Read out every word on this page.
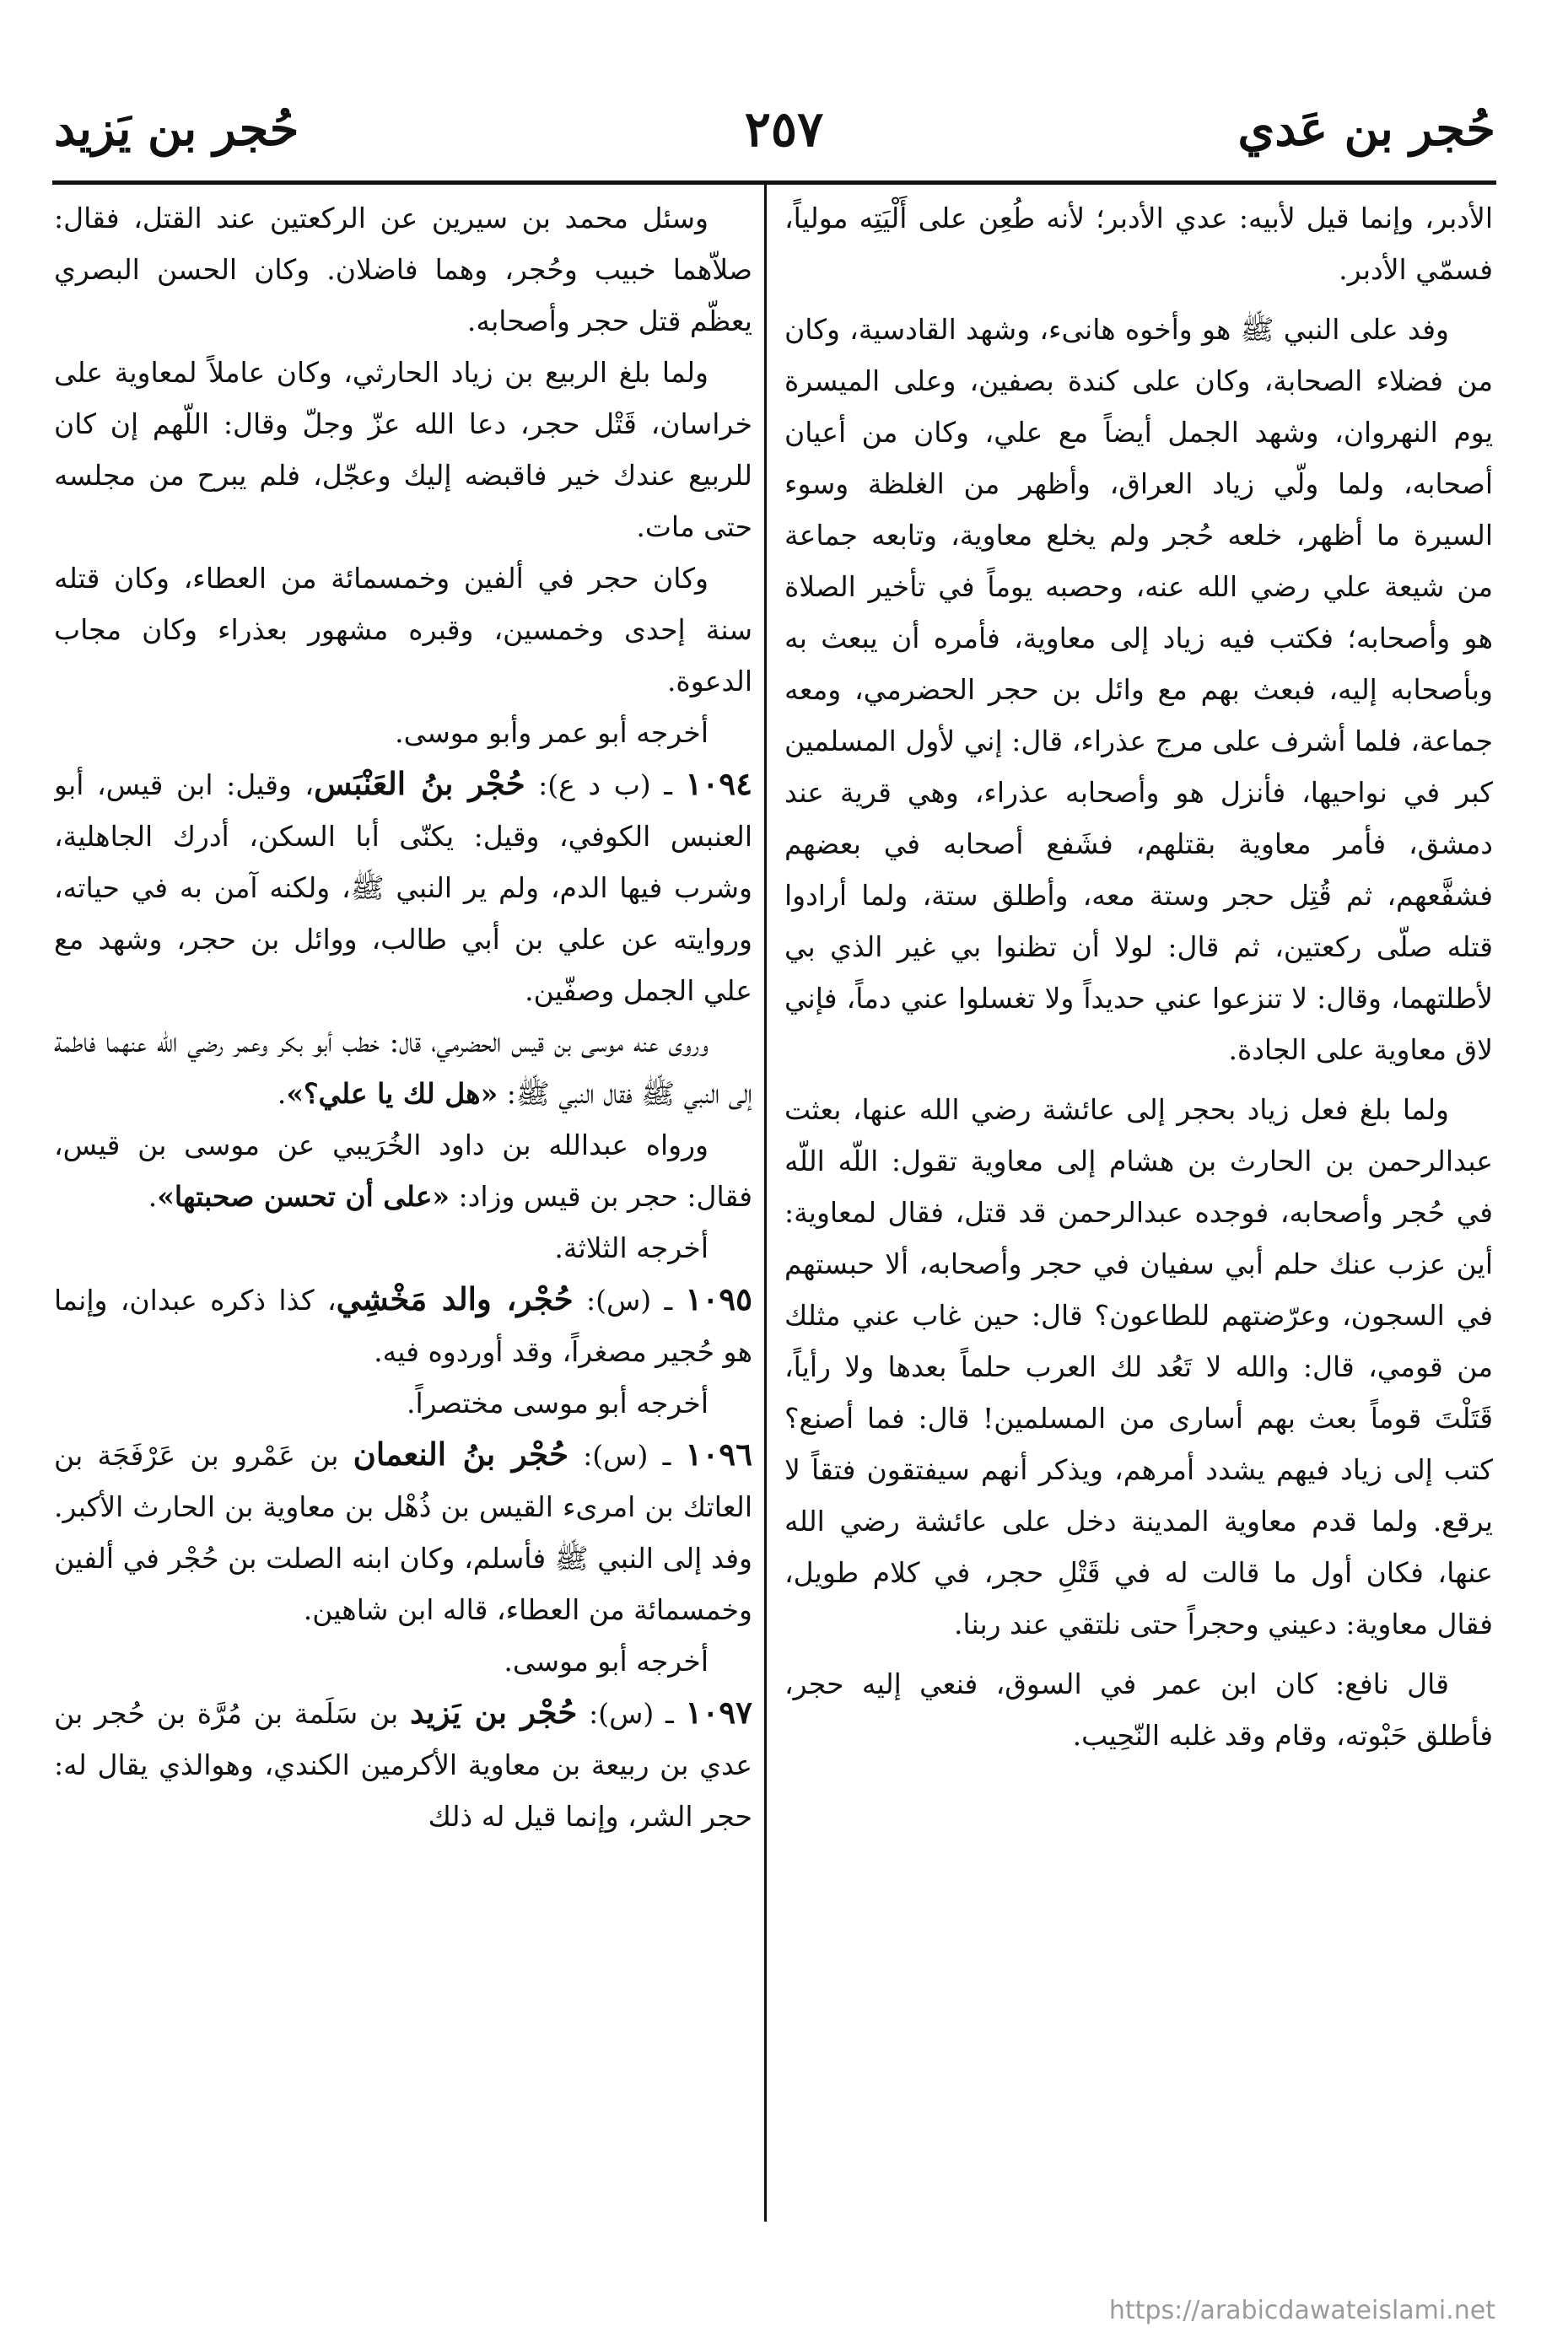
حُجر بن عَدي
٢٥٧
حُجر بن يَزيد

الأدبر، وإنما قيل لأبيه: عدي الأدبر؛ لأنه طُعِن على أَلْيَتِه مولياً، فسمّي الأدبر.

وفد على النبي ﷺ هو وأخوه هانىء، وشهد القادسية، وكان من فضلاء الصحابة، وكان على كندة بصفين، وعلى الميسرة يوم النهروان، وشهد الجمل أيضاً مع علي، وكان من أعيان أصحابه، ولما ولّي زياد العراق، وأظهر من الغلظة وسوء السيرة ما أظهر، خلعه حُجر ولم يخلع معاوية، وتابعه جماعة من شيعة علي رضي الله عنه، وحصبه يوماً في تأخير الصلاة هو وأصحابه؛ فكتب فيه زياد إلى معاوية، فأمره أن يبعث به وبأصحابه إليه، فبعث بهم مع وائل بن حجر الحضرمي، ومعه جماعة، فلما أشرف على مرج عذراء، قال: إني لأول المسلمين كبر في نواحيها، فأنزل هو وأصحابه عذراء، وهي قرية عند دمشق، فأمر معاوية بقتلهم، فشَفع أصحابه في بعضهم فشفَّعهم، ثم قُتِل حجر وستة معه، وأطلق ستة، ولما أرادوا قتله صلّى ركعتين، ثم قال: لولا أن تظنوا بي غير الذي بي لأطلتهما، وقال: لا تنزعوا عني حديداً ولا تغسلوا عني دماً، فإني لاق معاوية على الجادة.

ولما بلغ فعل زياد بحجر إلى عائشة رضي الله عنها، بعثت عبدالرحمن بن الحارث بن هشام إلى معاوية تقول: اللّه اللّه في حُجر وأصحابه، فوجده عبدالرحمن قد قتل، فقال لمعاوية: أين عزب عنك حلم أبي سفيان في حجر وأصحابه، ألا حبستهم في السجون، وعرّضتهم للطاعون؟ قال: حين غاب عني مثلك من قومي، قال: والله لا تَعُد لك العرب حلماً بعدها ولا رأياً، قَتَلْتَ قوماً بعث بهم أسارى من المسلمين! قال: فما أصنع؟ كتب إلى زياد فيهم يشدد أمرهم، ويذكر أنهم سيفتقون فتقاً لا يرقع. ولما قدم معاوية المدينة دخل على عائشة رضي الله عنها، فكان أول ما قالت له في قَتْلِ حجر، في كلام طويل، فقال معاوية: دعيني وحجراً حتى نلتقي عند ربنا.

قال نافع: كان ابن عمر في السوق، فنعي إليه حجر، فأطلق حَبْوته، وقام وقد غلبه النّحِيب.

وسئل محمد بن سيرين عن الركعتين عند القتل، فقال: صلاّهما خبيب وحُجر، وهما فاضلان. وكان الحسن البصري يعظّم قتل حجر وأصحابه.

ولما بلغ الربيع بن زياد الحارثي، وكان عاملاً لمعاوية على خراسان، قَتْل حجر، دعا الله عزّ وجلّ وقال: اللّهم إن كان للربيع عندك خير فاقبضه إليك وعجّل، فلم يبرح من مجلسه حتى مات.

وكان حجر في ألفين وخمسمائة من العطاء، وكان قتله سنة إحدى وخمسين، وقبره مشهور بعذراء وكان مجاب الدعوة.

أخرجه أبو عمر وأبو موسى.

١٠٩٤ ـ (ب د ع): حُجْر بنُ العَنْبَس، وقيل: ابن قيس، أبو العنبس الكوفي، وقيل: يكنّى أبا السكن، أدرك الجاهلية، وشرب فيها الدم، ولم ير النبي ﷺ، ولكنه آمن به في حياته، وروايته عن علي بن أبي طالب، ووائل بن حجر، وشهد مع علي الجمل وصفّين.

وروى عنه موسى بن قيس الحضرمي، قال: خطب أبو بكر وعمر رضي الله عنهما فاطمة إلى النبي ﷺ فقال النبي ﷺ: «هل لك يا علي؟».

ورواه عبدالله بن داود الخُرَيبي عن موسى بن قيس، فقال: حجر بن قيس وزاد: «على أن تحسن صحبتها».

أخرجه الثلاثة.

١٠٩٥ ـ (س): حُجْر، والد مَخْشِي، كذا ذكره عبدان، وإنما هو حُجير مصغراً، وقد أوردوه فيه.

أخرجه أبو موسى مختصراً.

١٠٩٦ ـ (س): حُجْر بنُ النعمان بن عَمْرو بن عَرْفَجَة بن العاتك بن امرىء القيس بن ذُهْل بن معاوية بن الحارث الأكبر. وفد إلى النبي ﷺ فأسلم، وكان ابنه الصلت بن حُجْر في ألفين وخمسمائة من العطاء، قاله ابن شاهين.

أخرجه أبو موسى.

١٠٩٧ ـ (س): حُجْر بن يَزيد بن سَلَمة بن مُرَّة بن حُجر بن عدي بن ربيعة بن معاوية الأكرمين الكندي، وهوالذي يقال له: حجر الشر، وإنما قيل له ذلك

https://arabicdawateislami.net
